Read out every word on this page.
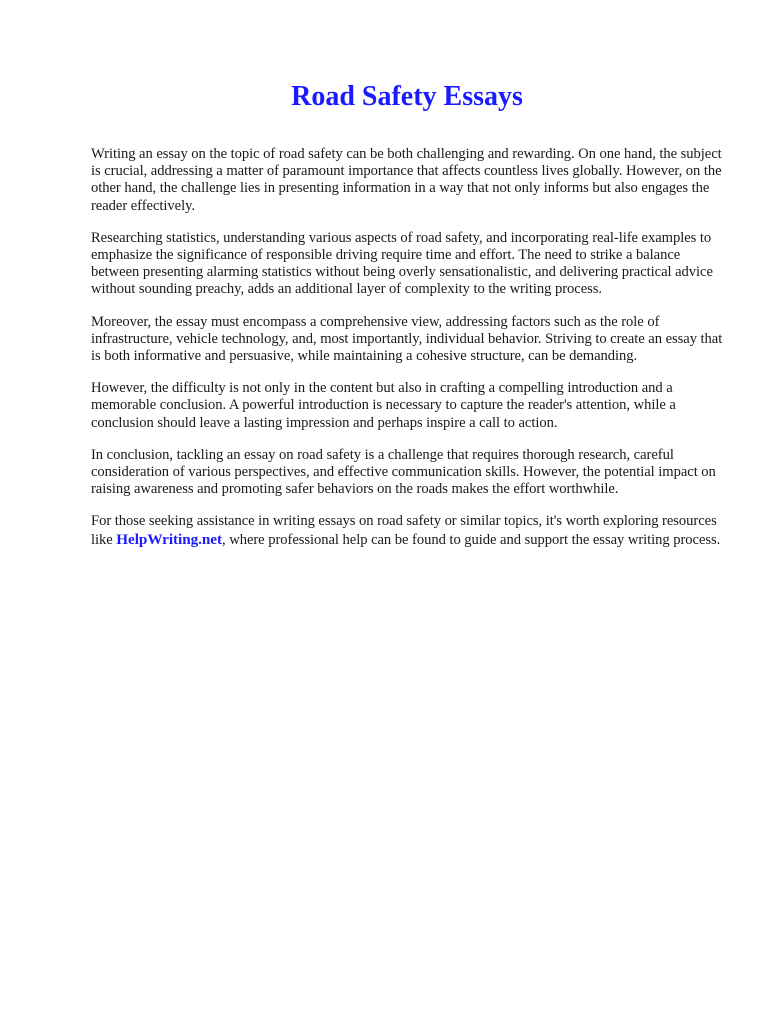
Road Safety Essays

Writing an essay on the topic of road safety can be both challenging and rewarding. On one hand, the subject is crucial, addressing a matter of paramount importance that affects countless lives globally. However, on the other hand, the challenge lies in presenting information in a way that not only informs but also engages the reader effectively.

Researching statistics, understanding various aspects of road safety, and incorporating real-life examples to emphasize the significance of responsible driving require time and effort. The need to strike a balance between presenting alarming statistics without being overly sensationalistic, and delivering practical advice without sounding preachy, adds an additional layer of complexity to the writing process.

Moreover, the essay must encompass a comprehensive view, addressing factors such as the role of infrastructure, vehicle technology, and, most importantly, individual behavior. Striving to create an essay that is both informative and persuasive, while maintaining a cohesive structure, can be demanding.

However, the difficulty is not only in the content but also in crafting a compelling introduction and a memorable conclusion. A powerful introduction is necessary to capture the reader's attention, while a conclusion should leave a lasting impression and perhaps inspire a call to action.

In conclusion, tackling an essay on road safety is a challenge that requires thorough research, careful consideration of various perspectives, and effective communication skills. However, the potential impact on raising awareness and promoting safer behaviors on the roads makes the effort worthwhile.

For those seeking assistance in writing essays on road safety or similar topics, it's worth exploring resources like HelpWriting.net, where professional help can be found to guide and support the essay writing process.
